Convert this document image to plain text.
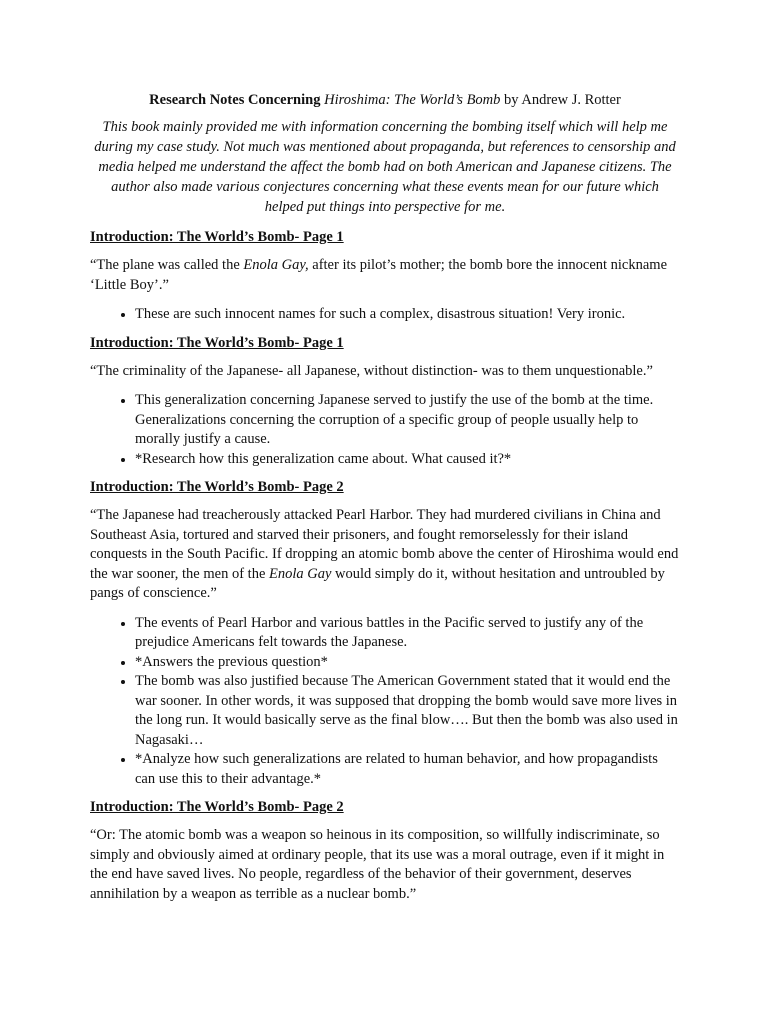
Research Notes Concerning Hiroshima: The World’s Bomb by Andrew J. Rotter

This book mainly provided me with information concerning the bombing itself which will help me during my case study. Not much was mentioned about propaganda, but references to censorship and media helped me understand the affect the bomb had on both American and Japanese citizens. The author also made various conjectures concerning what these events mean for our future which helped put things into perspective for me.

Introduction: The World’s Bomb- Page 1

“The plane was called the Enola Gay, after its pilot’s mother; the bomb bore the innocent nickname ‘Little Boy’.”

• These are such innocent names for such a complex, disastrous situation! Very ironic.

Introduction: The World’s Bomb- Page 1

“The criminality of the Japanese- all Japanese, without distinction- was to them unquestionable.”

• This generalization concerning Japanese served to justify the use of the bomb at the time. Generalizations concerning the corruption of a specific group of people usually help to morally justify a cause.
• *Research how this generalization came about. What caused it?*

Introduction: The World’s Bomb- Page 2

“The Japanese had treacherously attacked Pearl Harbor. They had murdered civilians in China and Southeast Asia, tortured and starved their prisoners, and fought remorselessly for their island conquests in the South Pacific. If dropping an atomic bomb above the center of Hiroshima would end the war sooner, the men of the Enola Gay would simply do it, without hesitation and untroubled by pangs of conscience.”

• The events of Pearl Harbor and various battles in the Pacific served to justify any of the prejudice Americans felt towards the Japanese.
• *Answers the previous question*
• The bomb was also justified because The American Government stated that it would end the war sooner. In other words, it was supposed that dropping the bomb would save more lives in the long run. It would basically serve as the final blow…. But then the bomb was also used in Nagasaki…
• *Analyze how such generalizations are related to human behavior, and how propagandists can use this to their advantage.*

Introduction: The World’s Bomb- Page 2

“Or: The atomic bomb was a weapon so heinous in its composition, so willfully indiscriminate, so simply and obviously aimed at ordinary people, that its use was a moral outrage, even if it might in the end have saved lives. No people, regardless of the behavior of their government, deserves annihilation by a weapon as terrible as a nuclear bomb.”
